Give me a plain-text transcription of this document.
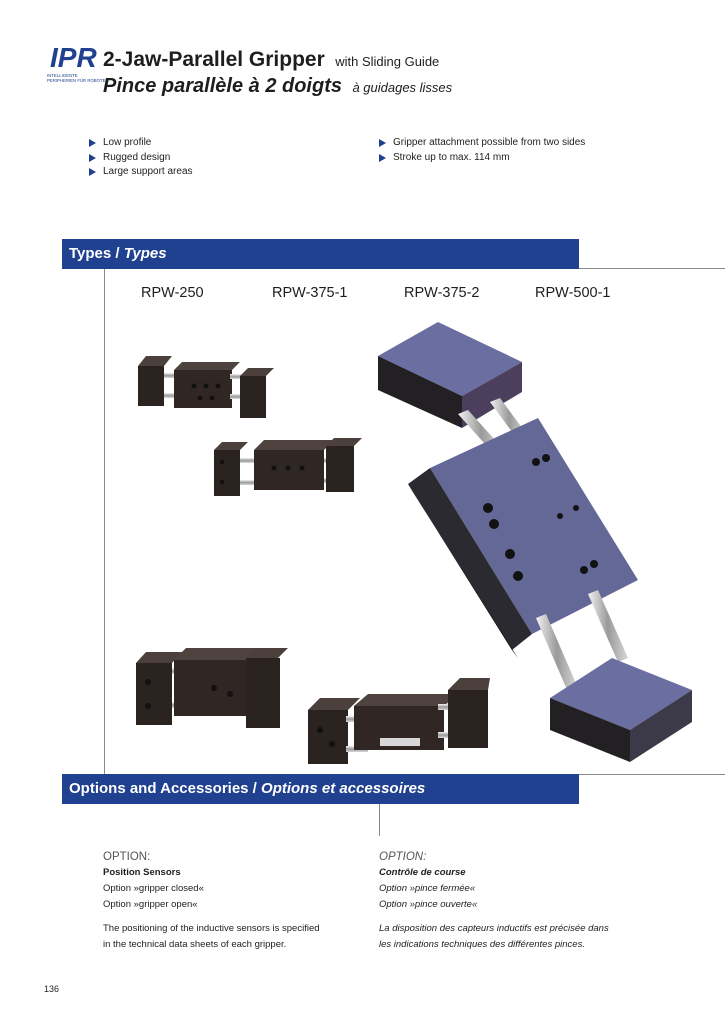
IPR
INTELLIGENTE
PERIPHERIEN FÜR ROBOTER
2-Jaw-Parallel Gripper with Sliding Guide
Pince parallèle à 2 doigts à guidages lisses
Low profile
Rugged design
Large support areas
Gripper attachment possible from two sides
Stroke up to max. 114 mm
Types / Types
RPW-250	RPW-375-1	RPW-375-2	RPW-500-1
Options and Accessories / Options et accessoires
OPTION:
Position Sensors
Option »gripper closed«
Option »gripper open«
The positioning of the inductive sensors is specified
in the technical data sheets of each gripper.
OPTION:
Contrôle de course
Option »pince fermée«
Option »pince ouverte«
La disposition des capteurs inductifs est précisée dans
les indications techniques des différentes pinces.
136
